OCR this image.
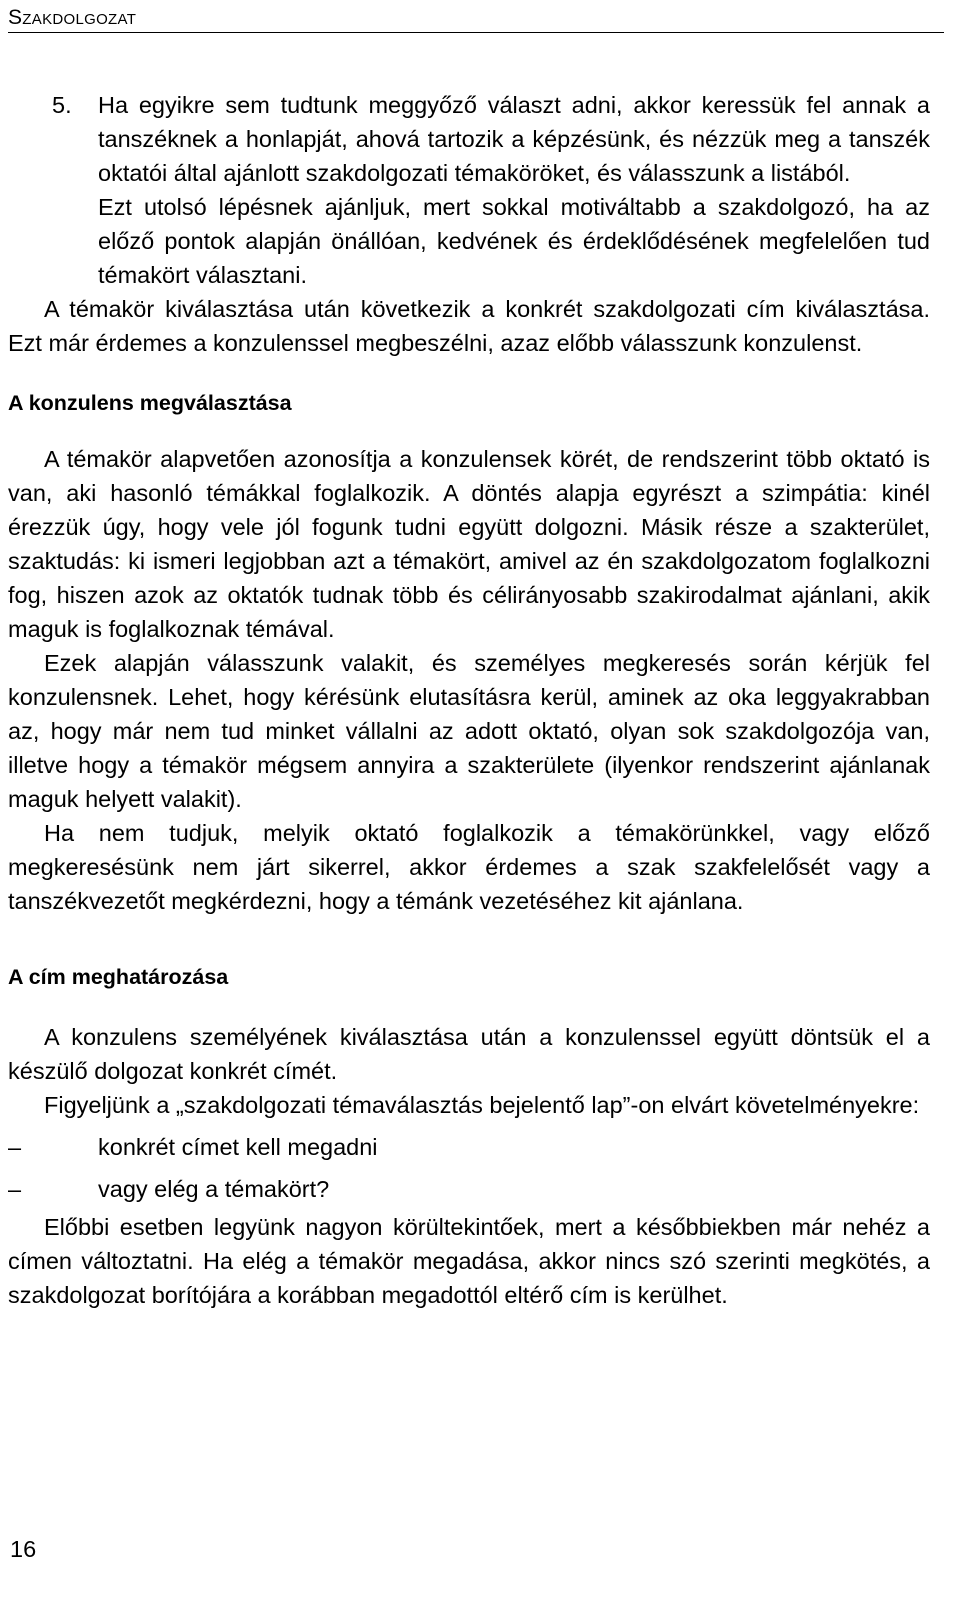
Szakdolgozat
5. Ha egyikre sem tudtunk meggyőző választ adni, akkor keressük fel annak a tanszéknek a honlapját, ahová tartozik a képzésünk, és nézzük meg a tanszék oktatói által ajánlott szakdolgozati témaköröket, és válasszunk a listából.

Ezt utolsó lépésnek ajánljuk, mert sokkal motiváltabb a szakdolgozó, ha az előző pontok alapján önállóan, kedvének és érdeklődésének megfelelően tud témakört választani.

A témakör kiválasztása után következik a konkrét szakdolgozati cím kiválasztása. Ezt már érdemes a konzulenssel megbeszélni, azaz előbb válasszunk konzulenst.

A konzulens megválasztása

A témakör alapvetően azonosítja a konzulensek körét, de rendszerint több oktató is van, aki hasonló témákkal foglalkozik. A döntés alapja egyrészt a szimpátia: kinél érezzük úgy, hogy vele jól fogunk tudni együtt dolgozni. Másik része a szakterület, szaktudás: ki ismeri legjobban azt a témakört, amivel az én szakdolgozatom foglalkozni fog, hiszen azok az oktatók tudnak több és célirányosabb szakirodalmat ajánlani, akik maguk is foglalkoznak témával.

Ezek alapján válasszunk valakit, és személyes megkeresés során kérjük fel konzulensnek. Lehet, hogy kérésünk elutasításra kerül, aminek az oka leggyakrabban az, hogy már nem tud minket vállalni az adott oktató, olyan sok szakdolgozója van, illetve hogy a témakör mégsem annyira a szakterülete (ilyenkor rendszerint ajánlanak maguk helyett valakit).

Ha nem tudjuk, melyik oktató foglalkozik a témakörünkkel, vagy előző megkeresésünk nem járt sikerrel, akkor érdemes a szak szakfelelősét vagy a tanszékvezetőt megkérdezni, hogy a témánk vezetéséhez kit ajánlana.

A cím meghatározása

A konzulens személyének kiválasztása után a konzulenssel együtt döntsük el a készülő dolgozat konkrét címét.

Figyeljünk a „szakdolgozati témaválasztás bejelentő lap”-on elvárt követelményekre:

–	konkrét címet kell megadni
–	vagy elég a témakört?

Előbbi esetben legyünk nagyon körültekintőek, mert a későbbiekben már nehéz a címen változtatni. Ha elég a témakör megadása, akkor nincs szó szerinti megkötés, a szakdolgozat borítójára a korábban megadottól eltérő cím is kerülhet.

16
